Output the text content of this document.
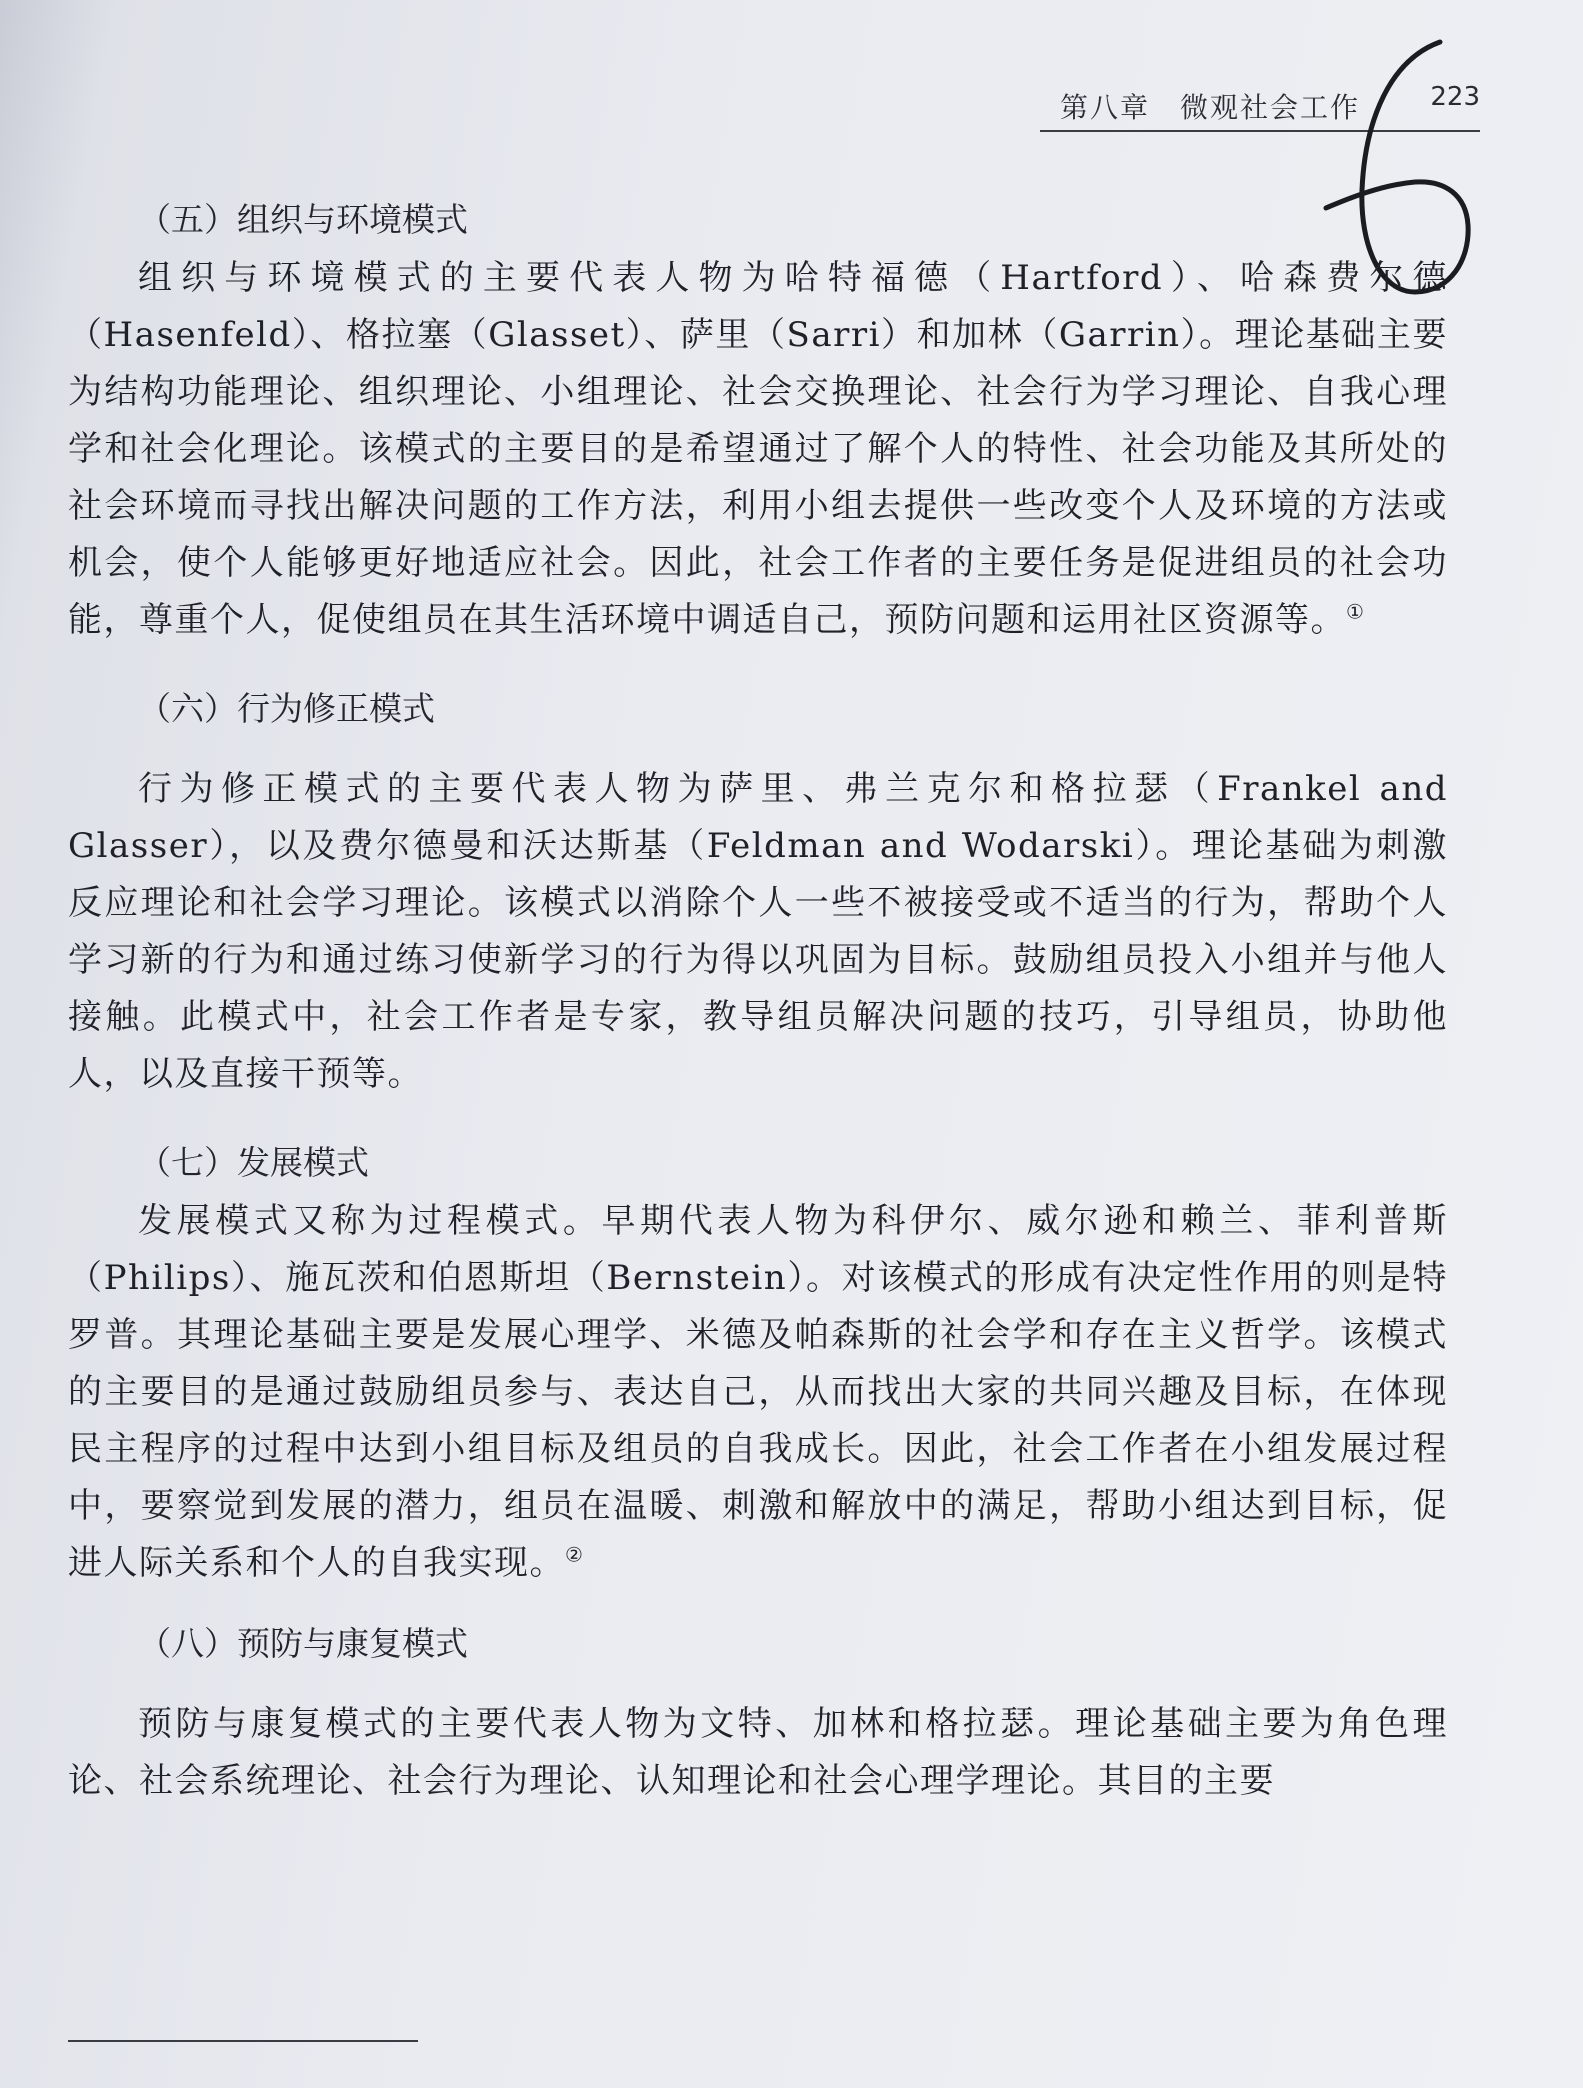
第八章　微观社会工作	223

（五）组织与环境模式

组织与环境模式的主要代表人物为哈特福德（Hartford）、哈森费尔德（Hasenfeld）、格拉塞（Glasset）、萨里（Sarri）和加林（Garrin）。理论基础主要为结构功能理论、组织理论、小组理论、社会交换理论、社会行为学习理论、自我心理学和社会化理论。该模式的主要目的是希望通过了解个人的特性、社会功能及其所处的社会环境而寻找出解决问题的工作方法，利用小组去提供一些改变个人及环境的方法或机会，使个人能够更好地适应社会。因此，社会工作者的主要任务是促进组员的社会功能，尊重个人，促使组员在其生活环境中调适自己，预防问题和运用社区资源等。①

（六）行为修正模式

行为修正模式的主要代表人物为萨里、弗兰克尔和格拉瑟（Frankel and Glasser），以及费尔德曼和沃达斯基（Feldman and Wodarski）。理论基础为刺激反应理论和社会学习理论。该模式以消除个人一些不被接受或不适当的行为，帮助个人学习新的行为和通过练习使新学习的行为得以巩固为目标。鼓励组员投入小组并与他人接触。此模式中，社会工作者是专家，教导组员解决问题的技巧，引导组员，协助他人，以及直接干预等。

（七）发展模式

发展模式又称为过程模式。早期代表人物为科伊尔、威尔逊和赖兰、菲利普斯（Philips）、施瓦茨和伯恩斯坦（Bernstein）。对该模式的形成有决定性作用的则是特罗普。其理论基础主要是发展心理学、米德及帕森斯的社会学和存在主义哲学。该模式的主要目的是通过鼓励组员参与、表达自己，从而找出大家的共同兴趣及目标，在体现民主程序的过程中达到小组目标及组员的自我成长。因此，社会工作者在小组发展过程中，要察觉到发展的潜力，组员在温暖、刺激和解放中的满足，帮助小组达到目标，促进人际关系和个人的自我实现。②

（八）预防与康复模式

预防与康复模式的主要代表人物为文特、加林和格拉瑟。理论基础主要为角色理论、社会系统理论、社会行为理论、认知理论和社会心理学理论。其目的主要
